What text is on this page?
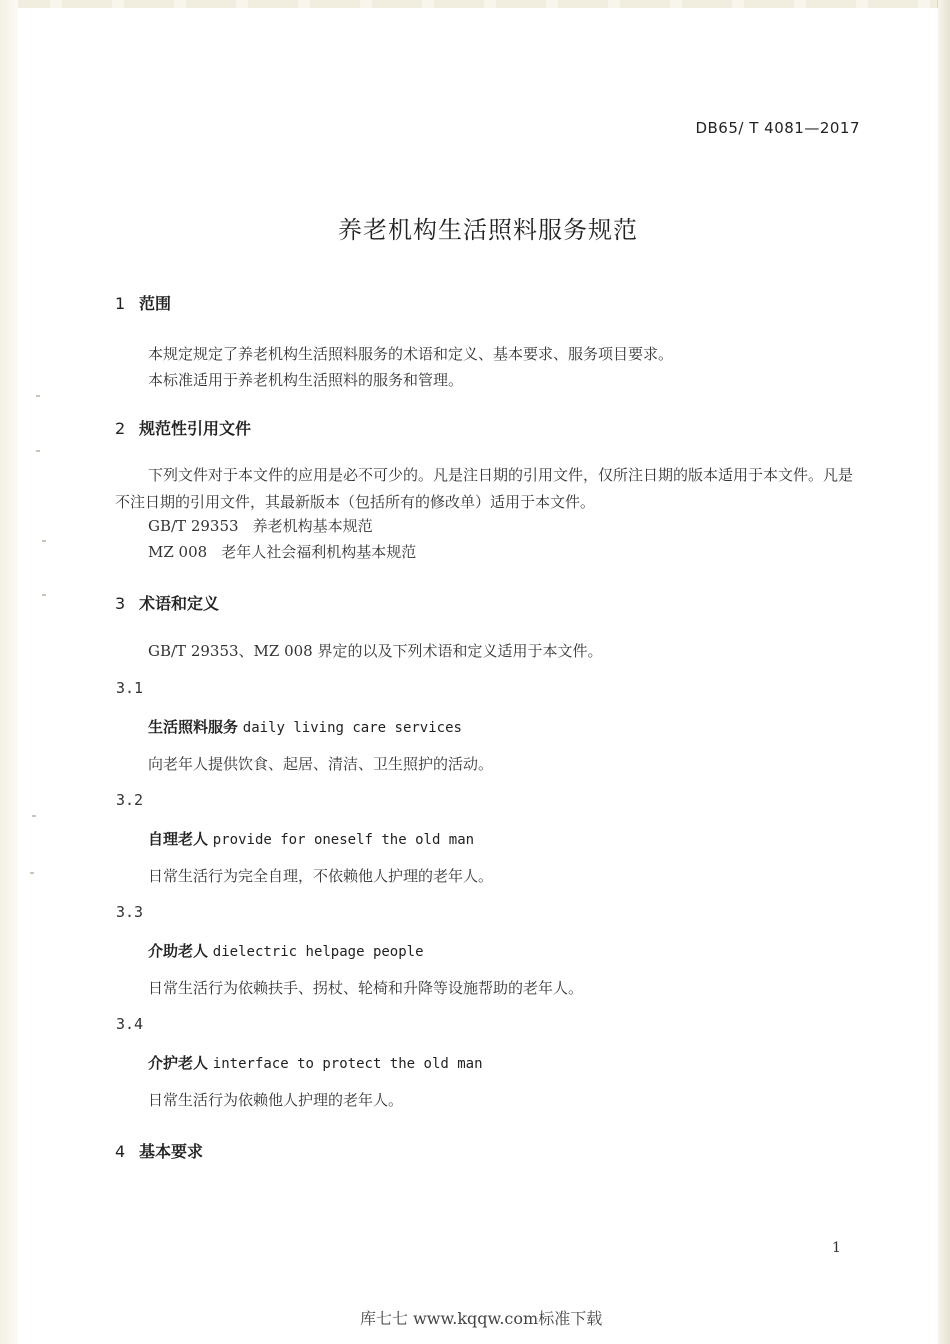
DB65/ T 4081—2017
养老机构生活照料服务规范
1 范围
本规定规定了养老机构生活照料服务的术语和定义、基本要求、服务项目要求。
本标准适用于养老机构生活照料的服务和管理。
2 规范性引用文件
下列文件对于本文件的应用是必不可少的。凡是注日期的引用文件，仅所注日期的版本适用于本文件。凡是不注日期的引用文件，其最新版本（包括所有的修改单）适用于本文件。
GB/T 29353 养老机构基本规范
MZ 008 老年人社会福利机构基本规范
3 术语和定义
GB/T 29353、MZ 008 界定的以及下列术语和定义适用于本文件。
3.1
生活照料服务 daily living care services
向老年人提供饮食、起居、清洁、卫生照护的活动。
3.2
自理老人 provide for oneself the old man
日常生活行为完全自理，不依赖他人护理的老年人。
3.3
介助老人 dielectric helpage people
日常生活行为依赖扶手、拐杖、轮椅和升降等设施帮助的老年人。
3.4
介护老人 interface to protect the old man
日常生活行为依赖他人护理的老年人。
4 基本要求
1
库七七 www.kqqw.com标准下载
